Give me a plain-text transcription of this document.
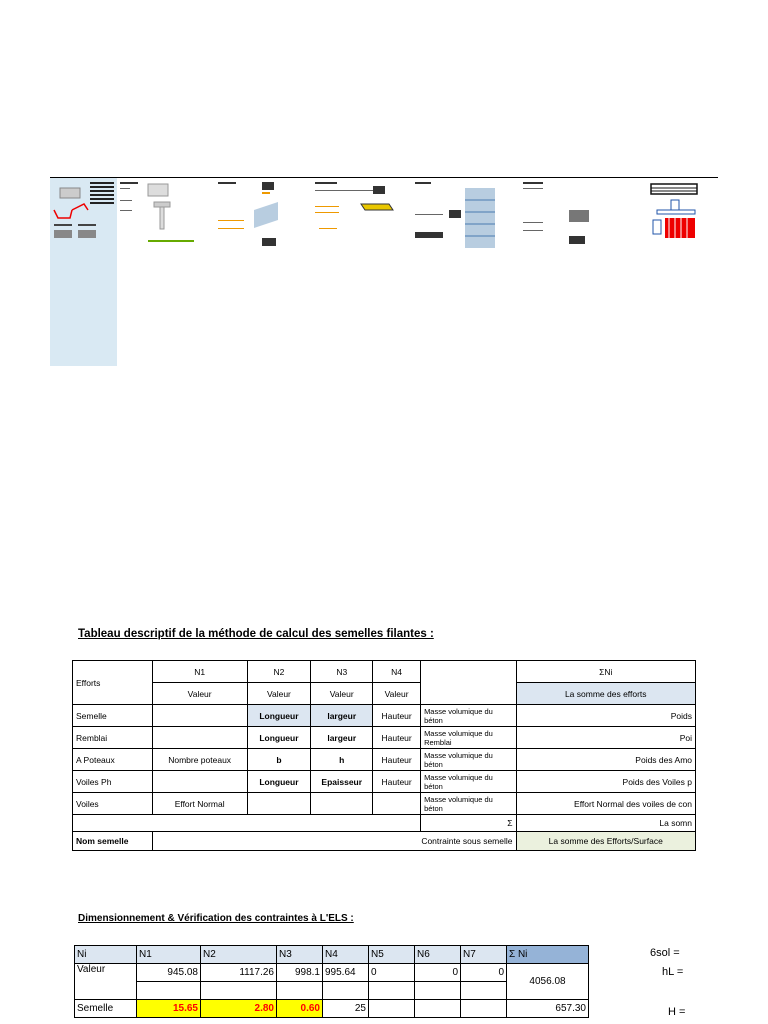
Tableau descriptif de la méthode de calcul des semelles filantes :
Efforts	N1	N2	N3	N4		ΣNi
	Valeur	Valeur	Valeur	Valeur		La somme des efforts
Semelle		Longueur	largeur	Hauteur	Masse volumique du béton	Poids
Remblai		Longueur	largeur	Hauteur	Masse volumique du Remblai	Poi
A Poteaux	Nombre poteaux	b	h	Hauteur	Masse volumique du béton	Poids des Amo
Voiles Ph		Longueur	Epaisseur	Hauteur	Masse volumique du béton	Poids des Voiles p
Voiles	Effort Normal				Masse volumique du béton	Effort Normal des voiles de con
					Σ	La somn
Nom semelle	Contrainte sous semelle					La somme des Efforts/Surface
Dimensionnement & Vérification des contraintes à L'ELS :
Ni	N1	N2	N3	N4	N5	N6	N7	Σ Ni
Valeur	945.08	1117.26	998.1	995.64	0	0	0	4056.08

Semelle	15.65	2.80	0.60	25				657.30
6sol =
hL =
H =
